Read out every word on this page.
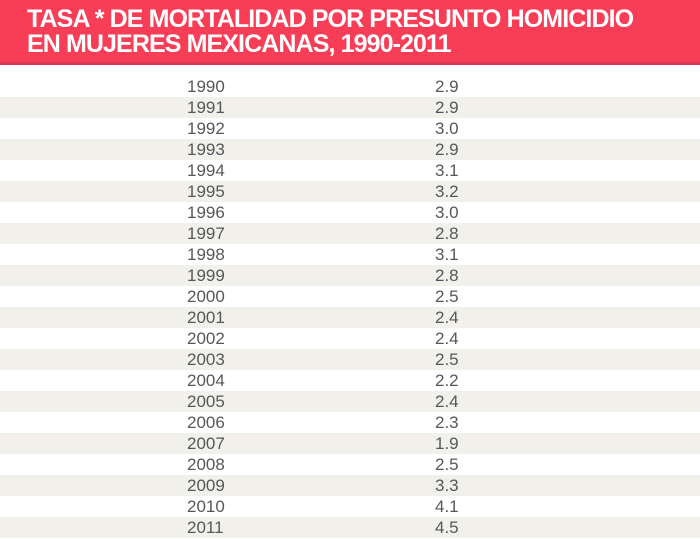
TASA * DE MORTALIDAD POR PRESUNTO HOMICIDIO
EN MUJERES MEXICANAS, 1990-2011
1990	2.9
1991	2.9
1992	3.0
1993	2.9
1994	3.1
1995	3.2
1996	3.0
1997	2.8
1998	3.1
1999	2.8
2000	2.5
2001	2.4
2002	2.4
2003	2.5
2004	2.2
2005	2.4
2006	2.3
2007	1.9
2008	2.5
2009	3.3
2010	4.1
2011	4.5
